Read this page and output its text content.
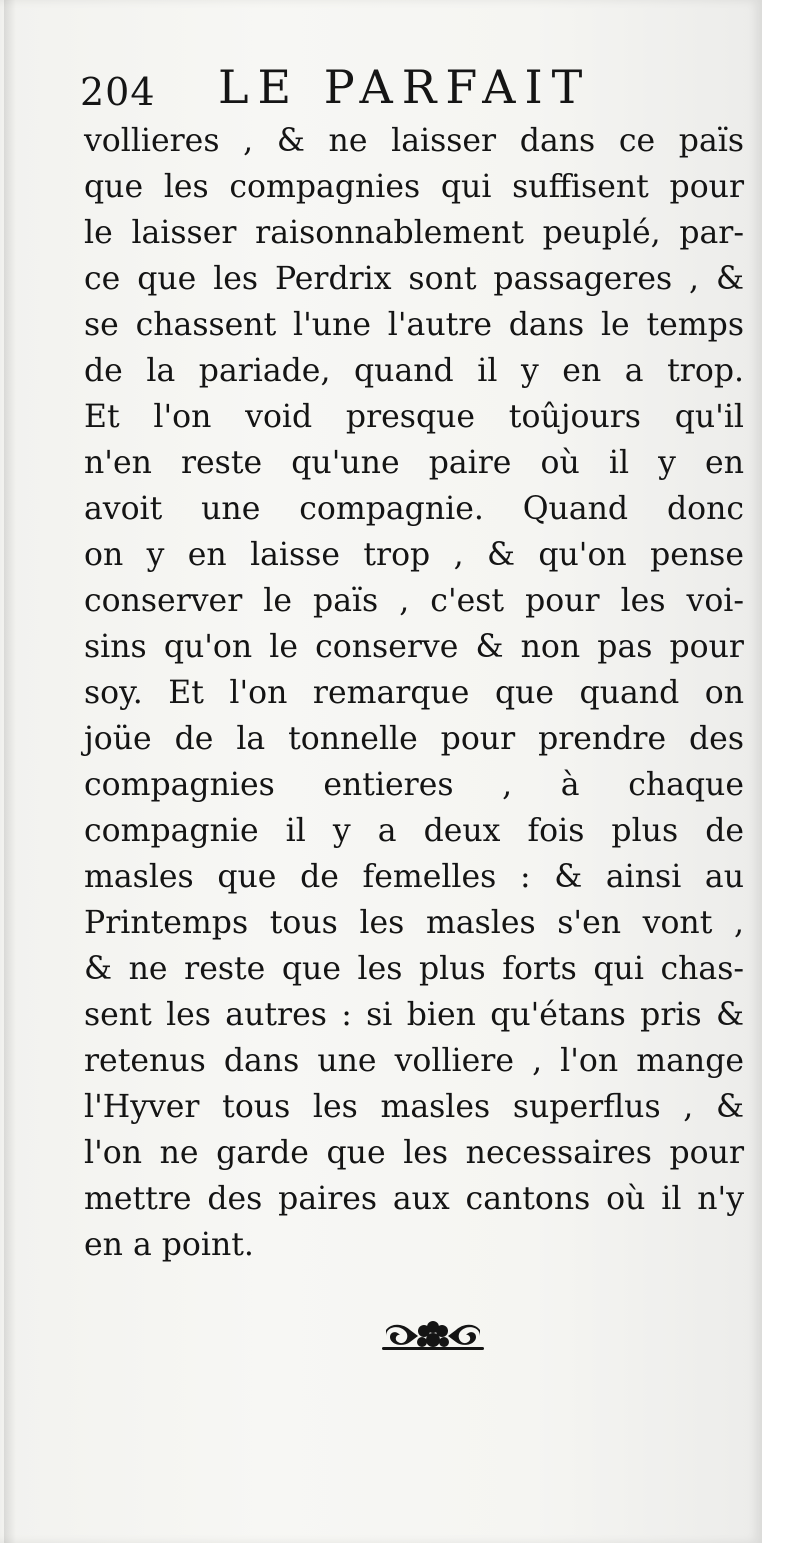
204 LE PARFAIT
vollieres , & ne laisser dans ce païs
que les compagnies qui suffisent pour
le laisser raisonnablement peuplé, par-
ce que les Perdrix sont passageres , &
se chassent l'une l'autre dans le temps
de la pariade, quand il y en a trop.
Et l'on void presque toûjours qu'il
n'en reste qu'une paire où il y en
avoit une compagnie. Quand donc
on y en laisse trop , & qu'on pense
conserver le païs , c'est pour les voi-
sins qu'on le conserve & non pas pour
soy. Et l'on remarque que quand on
joüe de la tonnelle pour prendre des
compagnies entieres , à chaque
compagnie il y a deux fois plus de
masles que de femelles : & ainsi au
Printemps tous les masles s'en vont ,
& ne reste que les plus forts qui chas-
sent les autres : si bien qu'étans pris &
retenus dans une volliere , l'on mange
l'Hyver tous les masles superflus , &
l'on ne garde que les necessaires pour
mettre des paires aux cantons où il n'y
en a point.
